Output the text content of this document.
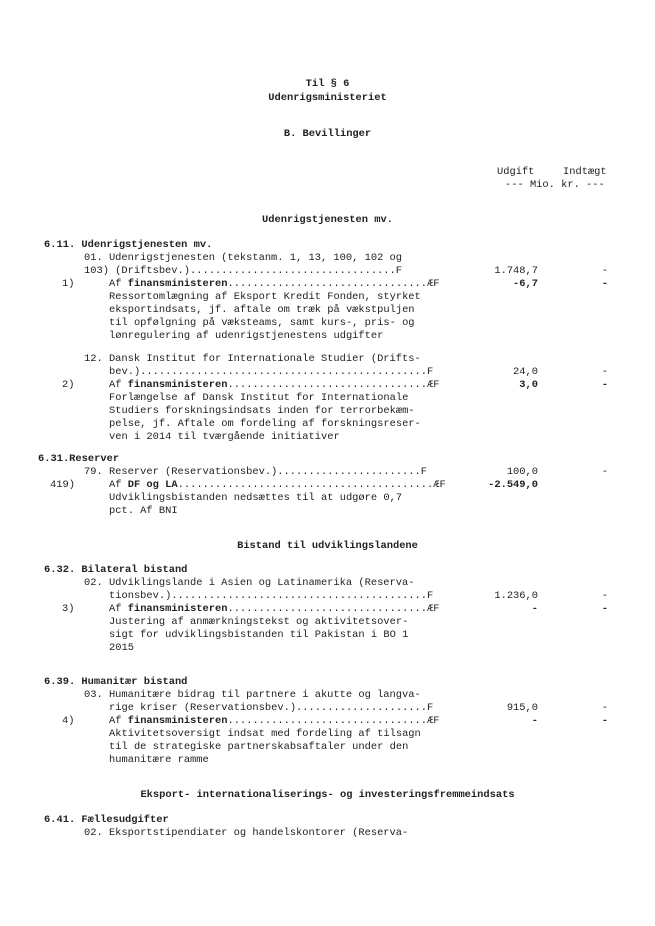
Til § 6
Udenrigsministeriet
B. Bevillinger
Udgift	Indtægt
--- Mio. kr. ---
Udenrigstjenesten mv.
6.11. Udenrigstjenesten mv.
01. Udenrigstjenesten (tekstanm. 1, 13, 100, 102 og
103) (Driftsbev.).................................F	1.748,7	-
1)	Af finansministeren................................ÆF	-6,7	-
Ressortomlægning af Eksport Kredit Fonden, styrket
eksportindsats, jf. aftale om træk på vækstpuljen
til opfølgning på væksteams, samt kurs-, pris- og
lønregulering af udenrigstjenestens udgifter
12. Dansk Institut for Internationale Studier (Drifts-
bev.)..............................................F	24,0	-
2)	Af finansministeren................................ÆF	3,0	-
Forlængelse af Dansk Institut for Internationale
Studiers forskningsindsats inden for terrorbekæm-
pelse, jf. Aftale om fordeling af forskningsreser-
ven i 2014 til tværgående initiativer
6.31.Reserver
79. Reserver (Reservationsbev.).......................F	100,0	-
419)	Af DF og LA.........................................ÆF	-2.549,0
Udviklingsbistanden nedsættes til at udgøre 0,7
pct. Af BNI
Bistand til udviklingslandene
6.32. Bilateral bistand
02. Udviklingslande i Asien og Latinamerika (Reserva-
tionsbev.).........................................F	1.236,0	-
3)	Af finansministeren................................ÆF	-	-
Justering af anmærkningstekst og aktivitetsover-
sigt for udviklingsbistanden til Pakistan i BO 1
2015
6.39. Humanitær bistand
03. Humanitære bidrag til partnere i akutte og langva-
rige kriser (Reservationsbev.).....................F	915,0	-
4)	Af finansministeren................................ÆF	-	-
Aktivitetsoversigt indsat med fordeling af tilsagn
til de strategiske partnerskabsaftaler under den
humanitære ramme
Eksport- internationaliserings- og investeringsfremmeindsats
6.41. Fællesudgifter
02. Eksportstipendiater og handelskontorer (Reserva-
